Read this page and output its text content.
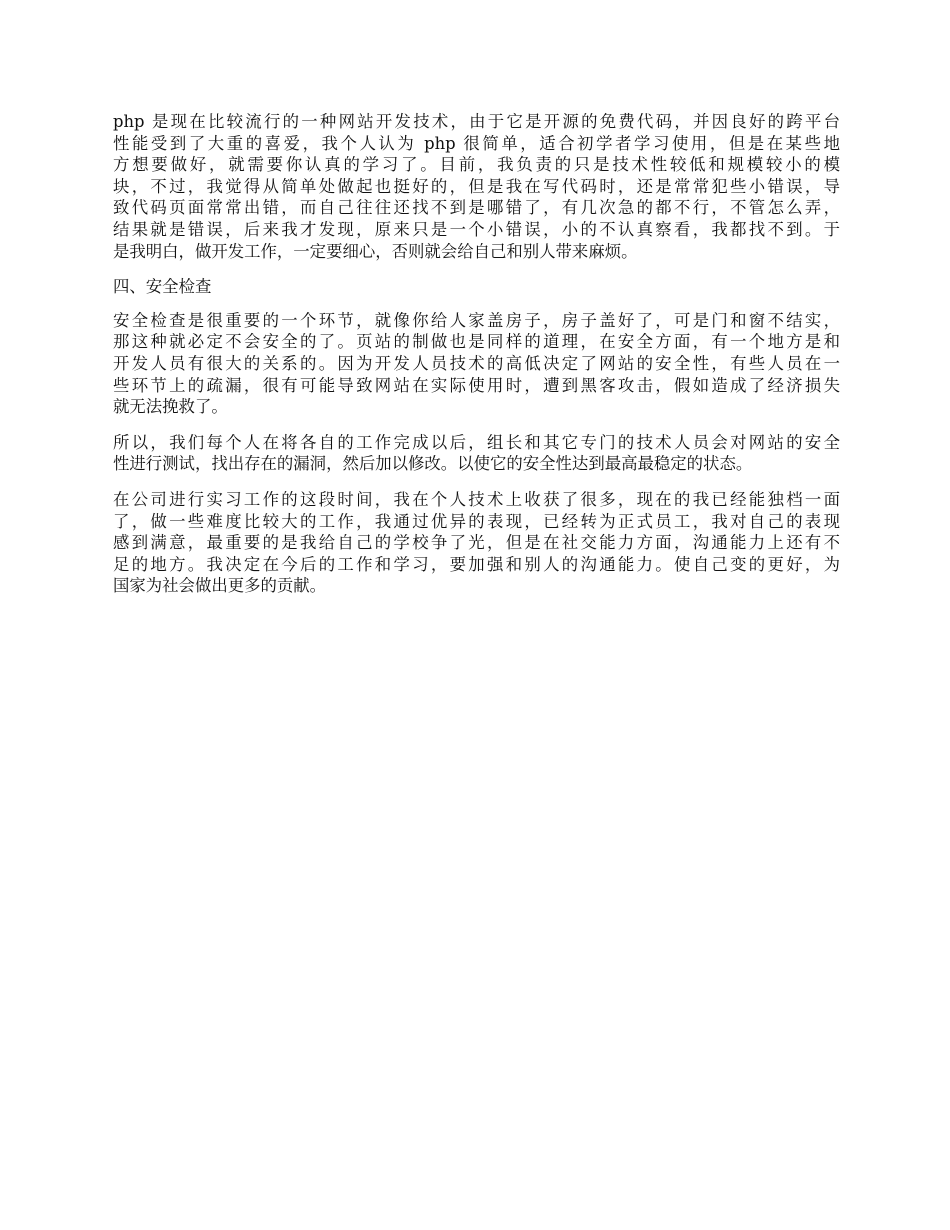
php 是现在比较流行的一种网站开发技术，由于它是开源的免费代码，并因良好的跨平台
性能受到了大重的喜爱，我个人认为 php 很简单，适合初学者学习使用，但是在某些地
方想要做好，就需要你认真的学习了。目前，我负责的只是技术性较低和规模较小的模
块，不过，我觉得从简单处做起也挺好的，但是我在写代码时，还是常常犯些小错误，导
致代码页面常常出错，而自己往往还找不到是哪错了，有几次急的都不行，不管怎么弄，
结果就是错误，后来我才发现，原来只是一个小错误，小的不认真察看，我都找不到。于
是我明白，做开发工作，一定要细心，否则就会给自己和别人带来麻烦。
四、安全检查
安全检查是很重要的一个环节，就像你给人家盖房子，房子盖好了，可是门和窗不结实，
那这种就必定不会安全的了。页站的制做也是同样的道理，在安全方面，有一个地方是和
开发人员有很大的关系的。因为开发人员技术的高低决定了网站的安全性，有些人员在一
些环节上的疏漏，很有可能导致网站在实际使用时，遭到黑客攻击，假如造成了经济损失
就无法挽救了。
所以，我们每个人在将各自的工作完成以后，组长和其它专门的技术人员会对网站的安全
性进行测试，找出存在的漏洞，然后加以修改。以使它的安全性达到最高最稳定的状态。
在公司进行实习工作的这段时间，我在个人技术上收获了很多，现在的我已经能独档一面
了，做一些难度比较大的工作，我通过优异的表现，已经转为正式员工，我对自己的表现
感到满意，最重要的是我给自己的学校争了光，但是在社交能力方面，沟通能力上还有不
足的地方。我决定在今后的工作和学习，要加强和别人的沟通能力。使自己变的更好，为
国家为社会做出更多的贡献。
